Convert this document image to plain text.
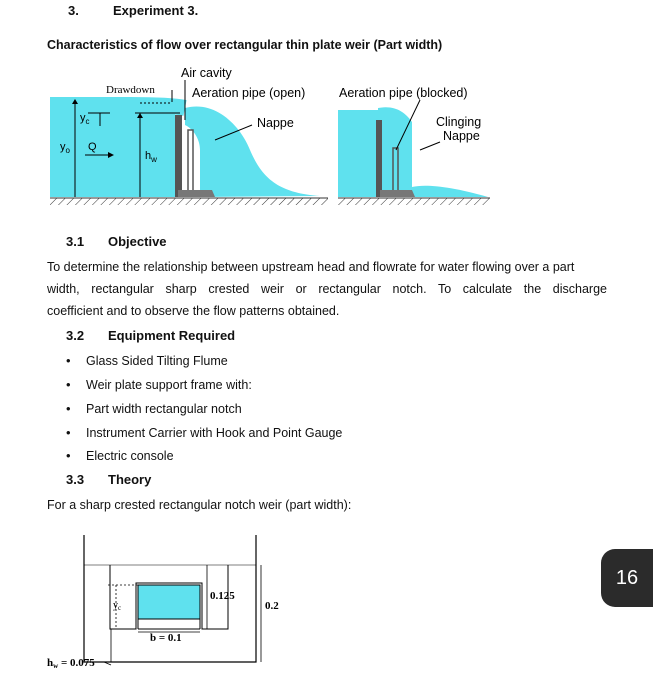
3.	Experiment 3.
Characteristics of flow over rectangular thin plate weir (Part width)
Air cavity
Drawdown	Aeration pipe (open)	Aeration pipe (blocked)
Nappe	Clinging
Nappe
$y_c$
$y_o$ Q
$h_w$
3.1 Objective
To determine the relationship between upstream head and flowrate for water flowing over a part
width, rectangular sharp crested weir or rectangular notch. To calculate the discharge
coefficient and to observe the flow patterns obtained.
3.2 Equipment Required
• Glass Sided Tilting Flume
• Weir plate support frame with:
• Part width rectangular notch
• Instrument Carrier with Hook and Point Gauge
• Electric console
3.3 Theory
For a sharp crested rectangular notch weir (part width):
$y_c$
b = 0.1
0.125
0.2
hw = 0.075
16
